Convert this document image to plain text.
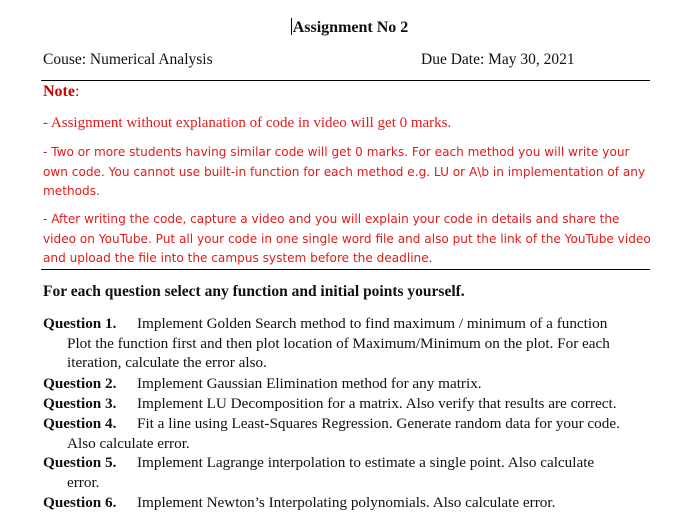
Assignment No 2
Couse: Numerical Analysis	Due Date: May 30, 2021
Note:
- Assignment without explanation of code in video will get 0 marks.
- Two or more students having similar code will get 0 marks. For each method you will write your own code. You cannot use built-in function for each method e.g. LU or A\b in implementation of any methods.
- After writing the code, capture a video and you will explain your code in details and share the video on YouTube. Put all your code in one single word file and also put the link of the YouTube video and upload the file into the campus system before the deadline.
For each question select any function and initial points yourself.
Question 1. Implement Golden Search method to find maximum / minimum of a function
Plot the function first and then plot location of Maximum/Minimum on the plot. For each iteration, calculate the error also.
Question 2. Implement Gaussian Elimination method for any matrix.
Question 3. Implement LU Decomposition for a matrix. Also verify that results are correct.
Question 4. Fit a line using Least-Squares Regression. Generate random data for your code.
Also calculate error.
Question 5. Implement Lagrange interpolation to estimate a single point. Also calculate
error.
Question 6. Implement Newton’s Interpolating polynomials. Also calculate error.
